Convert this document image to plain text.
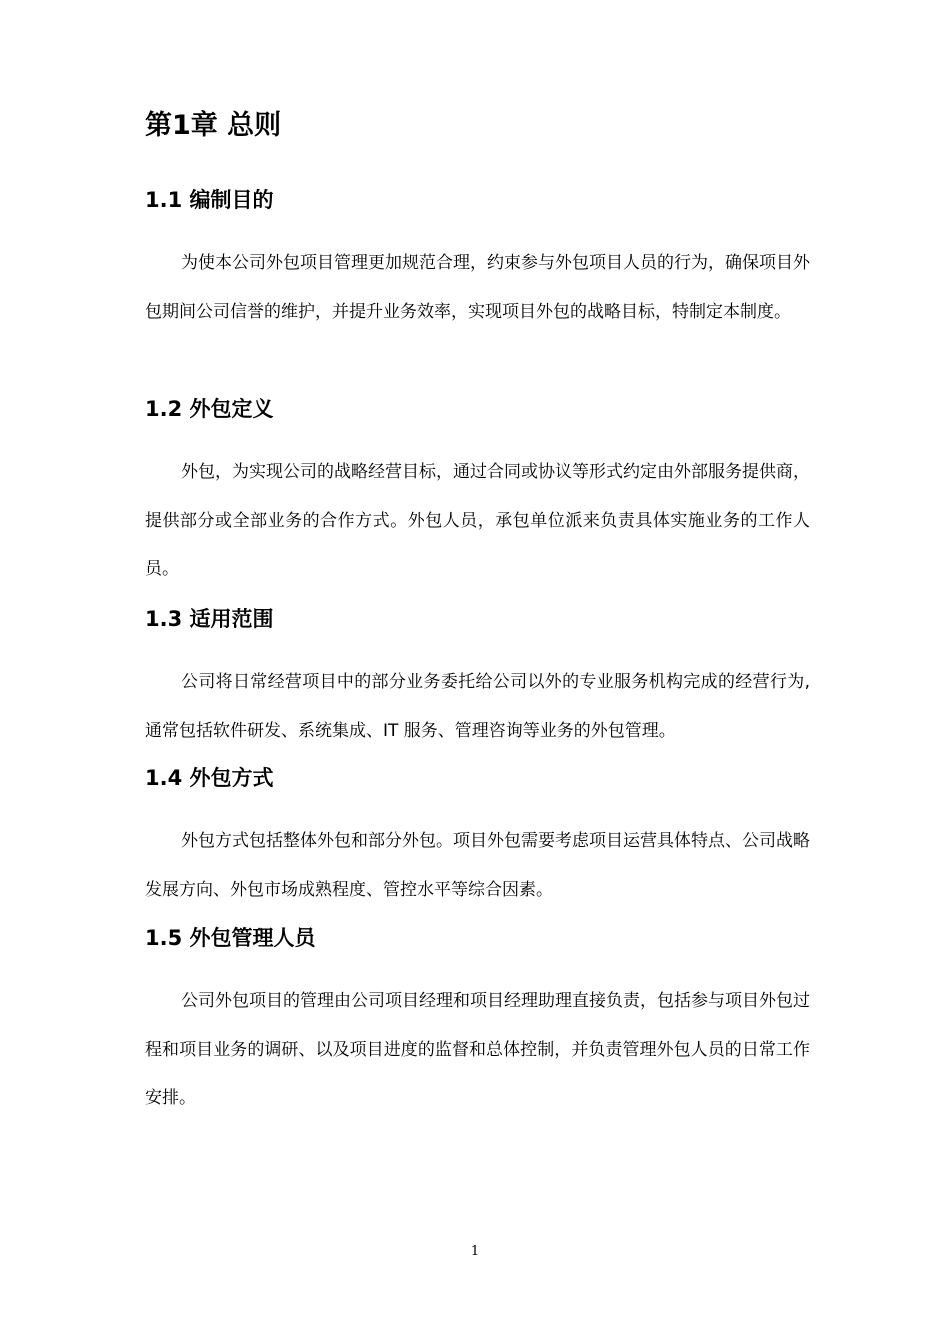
第1章 总则
1.1 编制目的

为使本公司外包项目管理更加规范合理，约束参与外包项目人员的行为，确保项目外包期间公司信誉的维护，并提升业务效率，实现项目外包的战略目标，特制定本制度。

1.2 外包定义

外包，为实现公司的战略经营目标，通过合同或协议等形式约定由外部服务提供商，提供部分或全部业务的合作方式。外包人员，承包单位派来负责具体实施业务的工作人员。

1.3 适用范围

公司将日常经营项目中的部分业务委托给公司以外的专业服务机构完成的经营行为, 通常包括软件研发、系统集成、IT 服务、管理咨询等业务的外包管理。

1.4 外包方式

外包方式包括整体外包和部分外包。项目外包需要考虑项目运营具体特点、公司战略发展方向、外包市场成熟程度、管控水平等综合因素。

1.5 外包管理人员

公司外包项目的管理由公司项目经理和项目经理助理直接负责，包括参与项目外包过程和项目业务的调研、以及项目进度的监督和总体控制，并负责管理外包人员的日常工作安排。

1
